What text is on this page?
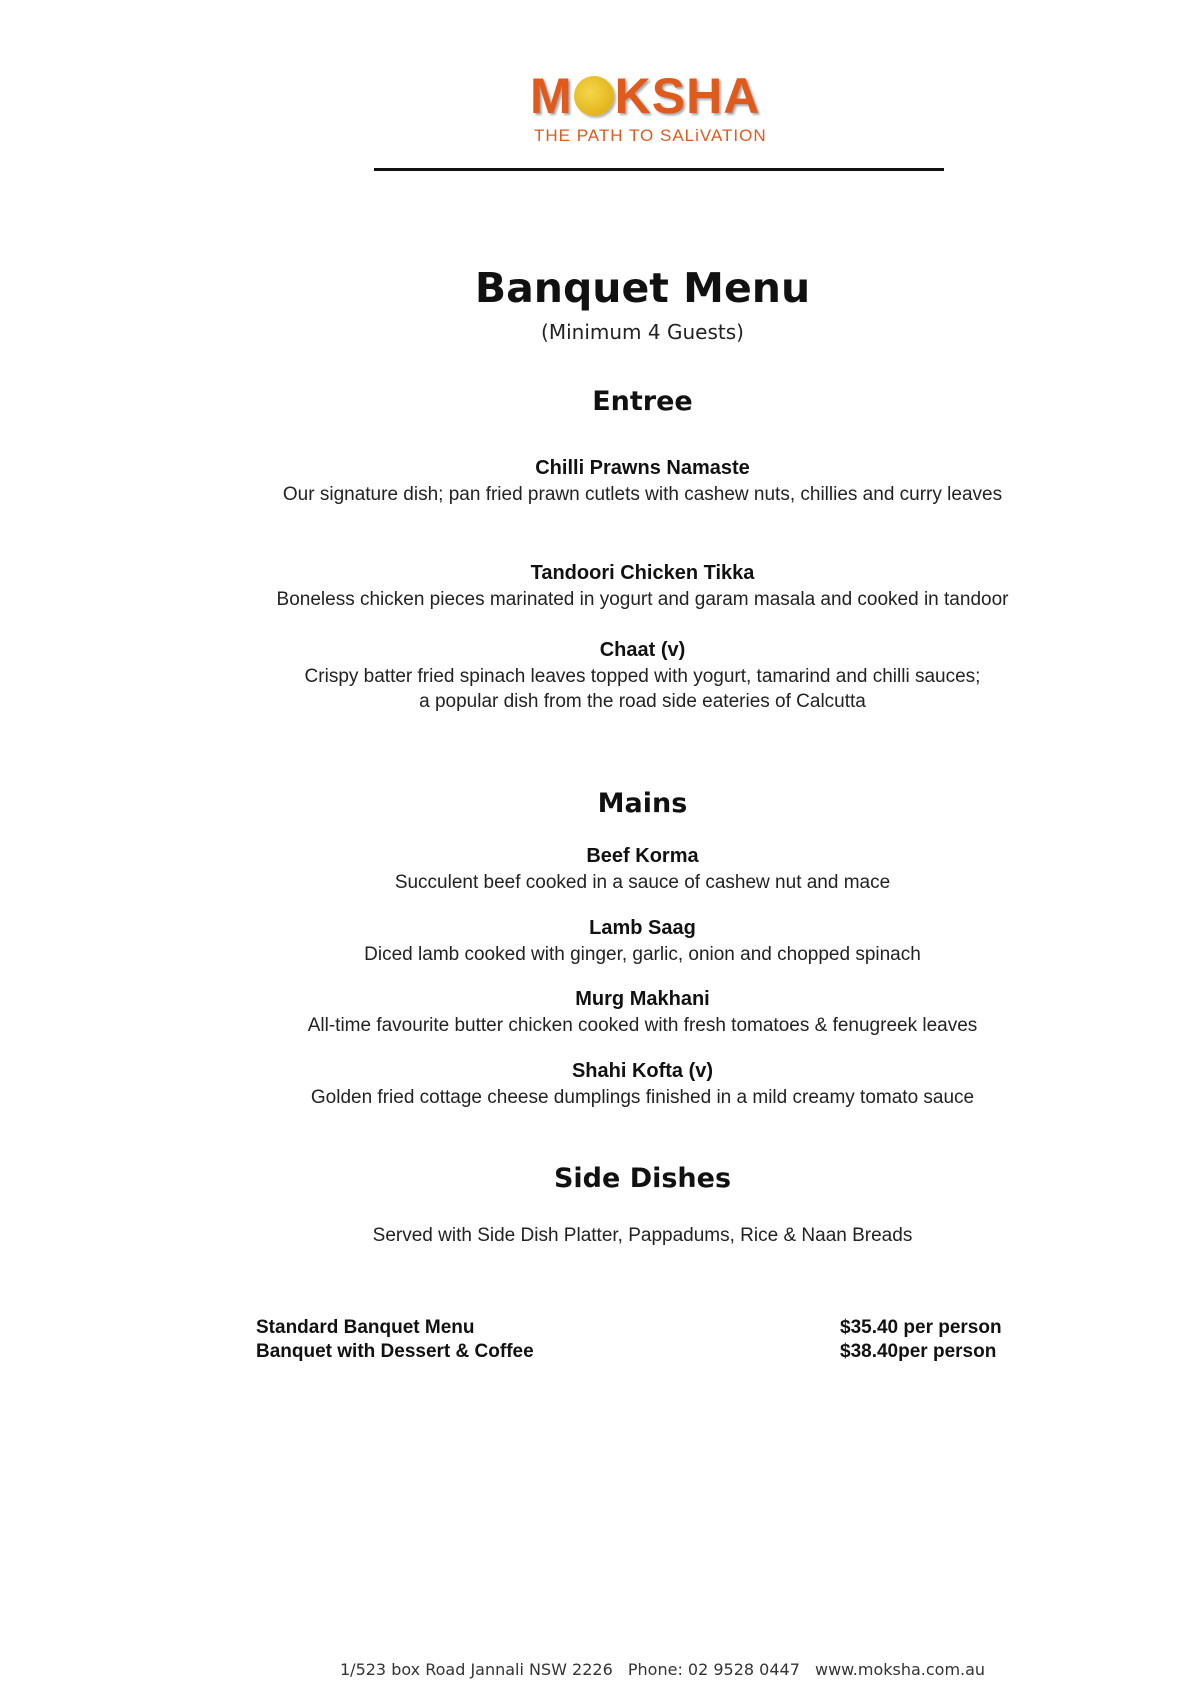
M KSHA
THE PATH TO SALiVATION
Banquet Menu
(Minimum 4 Guests)
Entree
Chilli Prawns Namaste
Our signature dish; pan fried prawn cutlets with cashew nuts, chillies and curry leaves
Tandoori Chicken Tikka
Boneless chicken pieces marinated in yogurt and garam masala and cooked in tandoor
Chaat (v)
Crispy batter fried spinach leaves topped with yogurt, tamarind and chilli sauces;
a popular dish from the road side eateries of Calcutta
Mains
Beef Korma
Succulent beef cooked in a sauce of cashew nut and mace
Lamb Saag
Diced lamb cooked with ginger, garlic, onion and chopped spinach
Murg Makhani
All-time favourite butter chicken cooked with fresh tomatoes & fenugreek leaves
Shahi Kofta (v)
Golden fried cottage cheese dumplings finished in a mild creamy tomato sauce
Side Dishes
Served with Side Dish Platter, Pappadums, Rice & Naan Breads
Standard Banquet Menu	$35.40 per person
Banquet with Dessert & Coffee	$38.40per person
1/523 box Road Jannali NSW 2226 Phone: 02 9528 0447 www.moksha.com.au
